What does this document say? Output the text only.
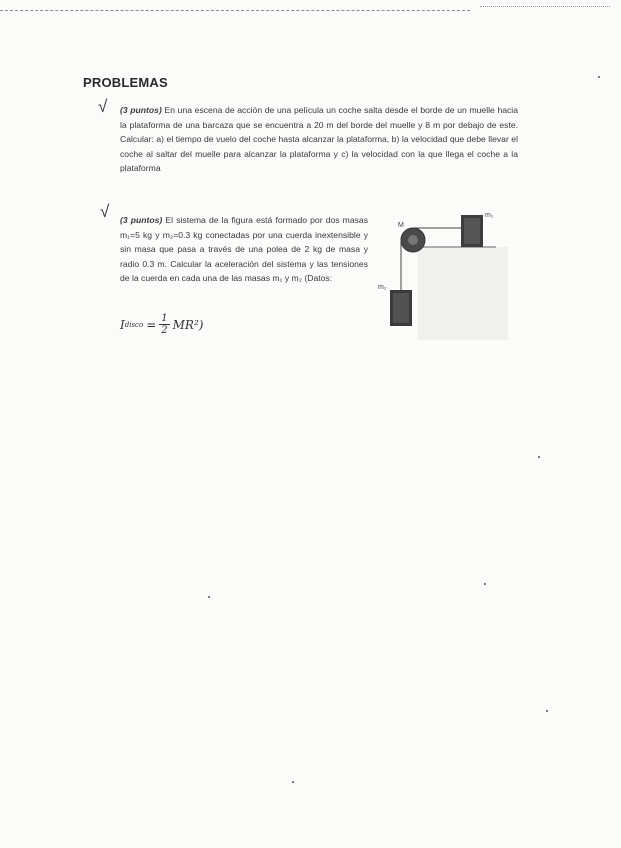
PROBLEMAS
√ (3 puntos) En una escena de acción de una película un coche salta desde el borde de un muelle hacia la plataforma de una barcaza que se encuentra a 20 m del borde del muelle y 8 m por debajo de este. Calcular: a) el tiempo de vuelo del coche hasta alcanzar la plataforma, b) la velocidad que debe llevar el coche al saltar del muelle para alcanzar la plataforma y c) la velocidad con la que llega el coche a la plataforma
√ (3 puntos) El sistema de la figura está formado por dos masas m₁=5 kg y m₂=0.3 kg conectadas por una cuerda inextensible y sin masa que pasa a través de una polea de 2 kg de masa y radio 0.3 m. Calcular la aceleración del sistema y las tensiones de la cuerda en cada una de las masas m₁ y m₂ (Datos:
I disco = $\frac{1}{2} MR^2$ )
M
m₁
m₂
